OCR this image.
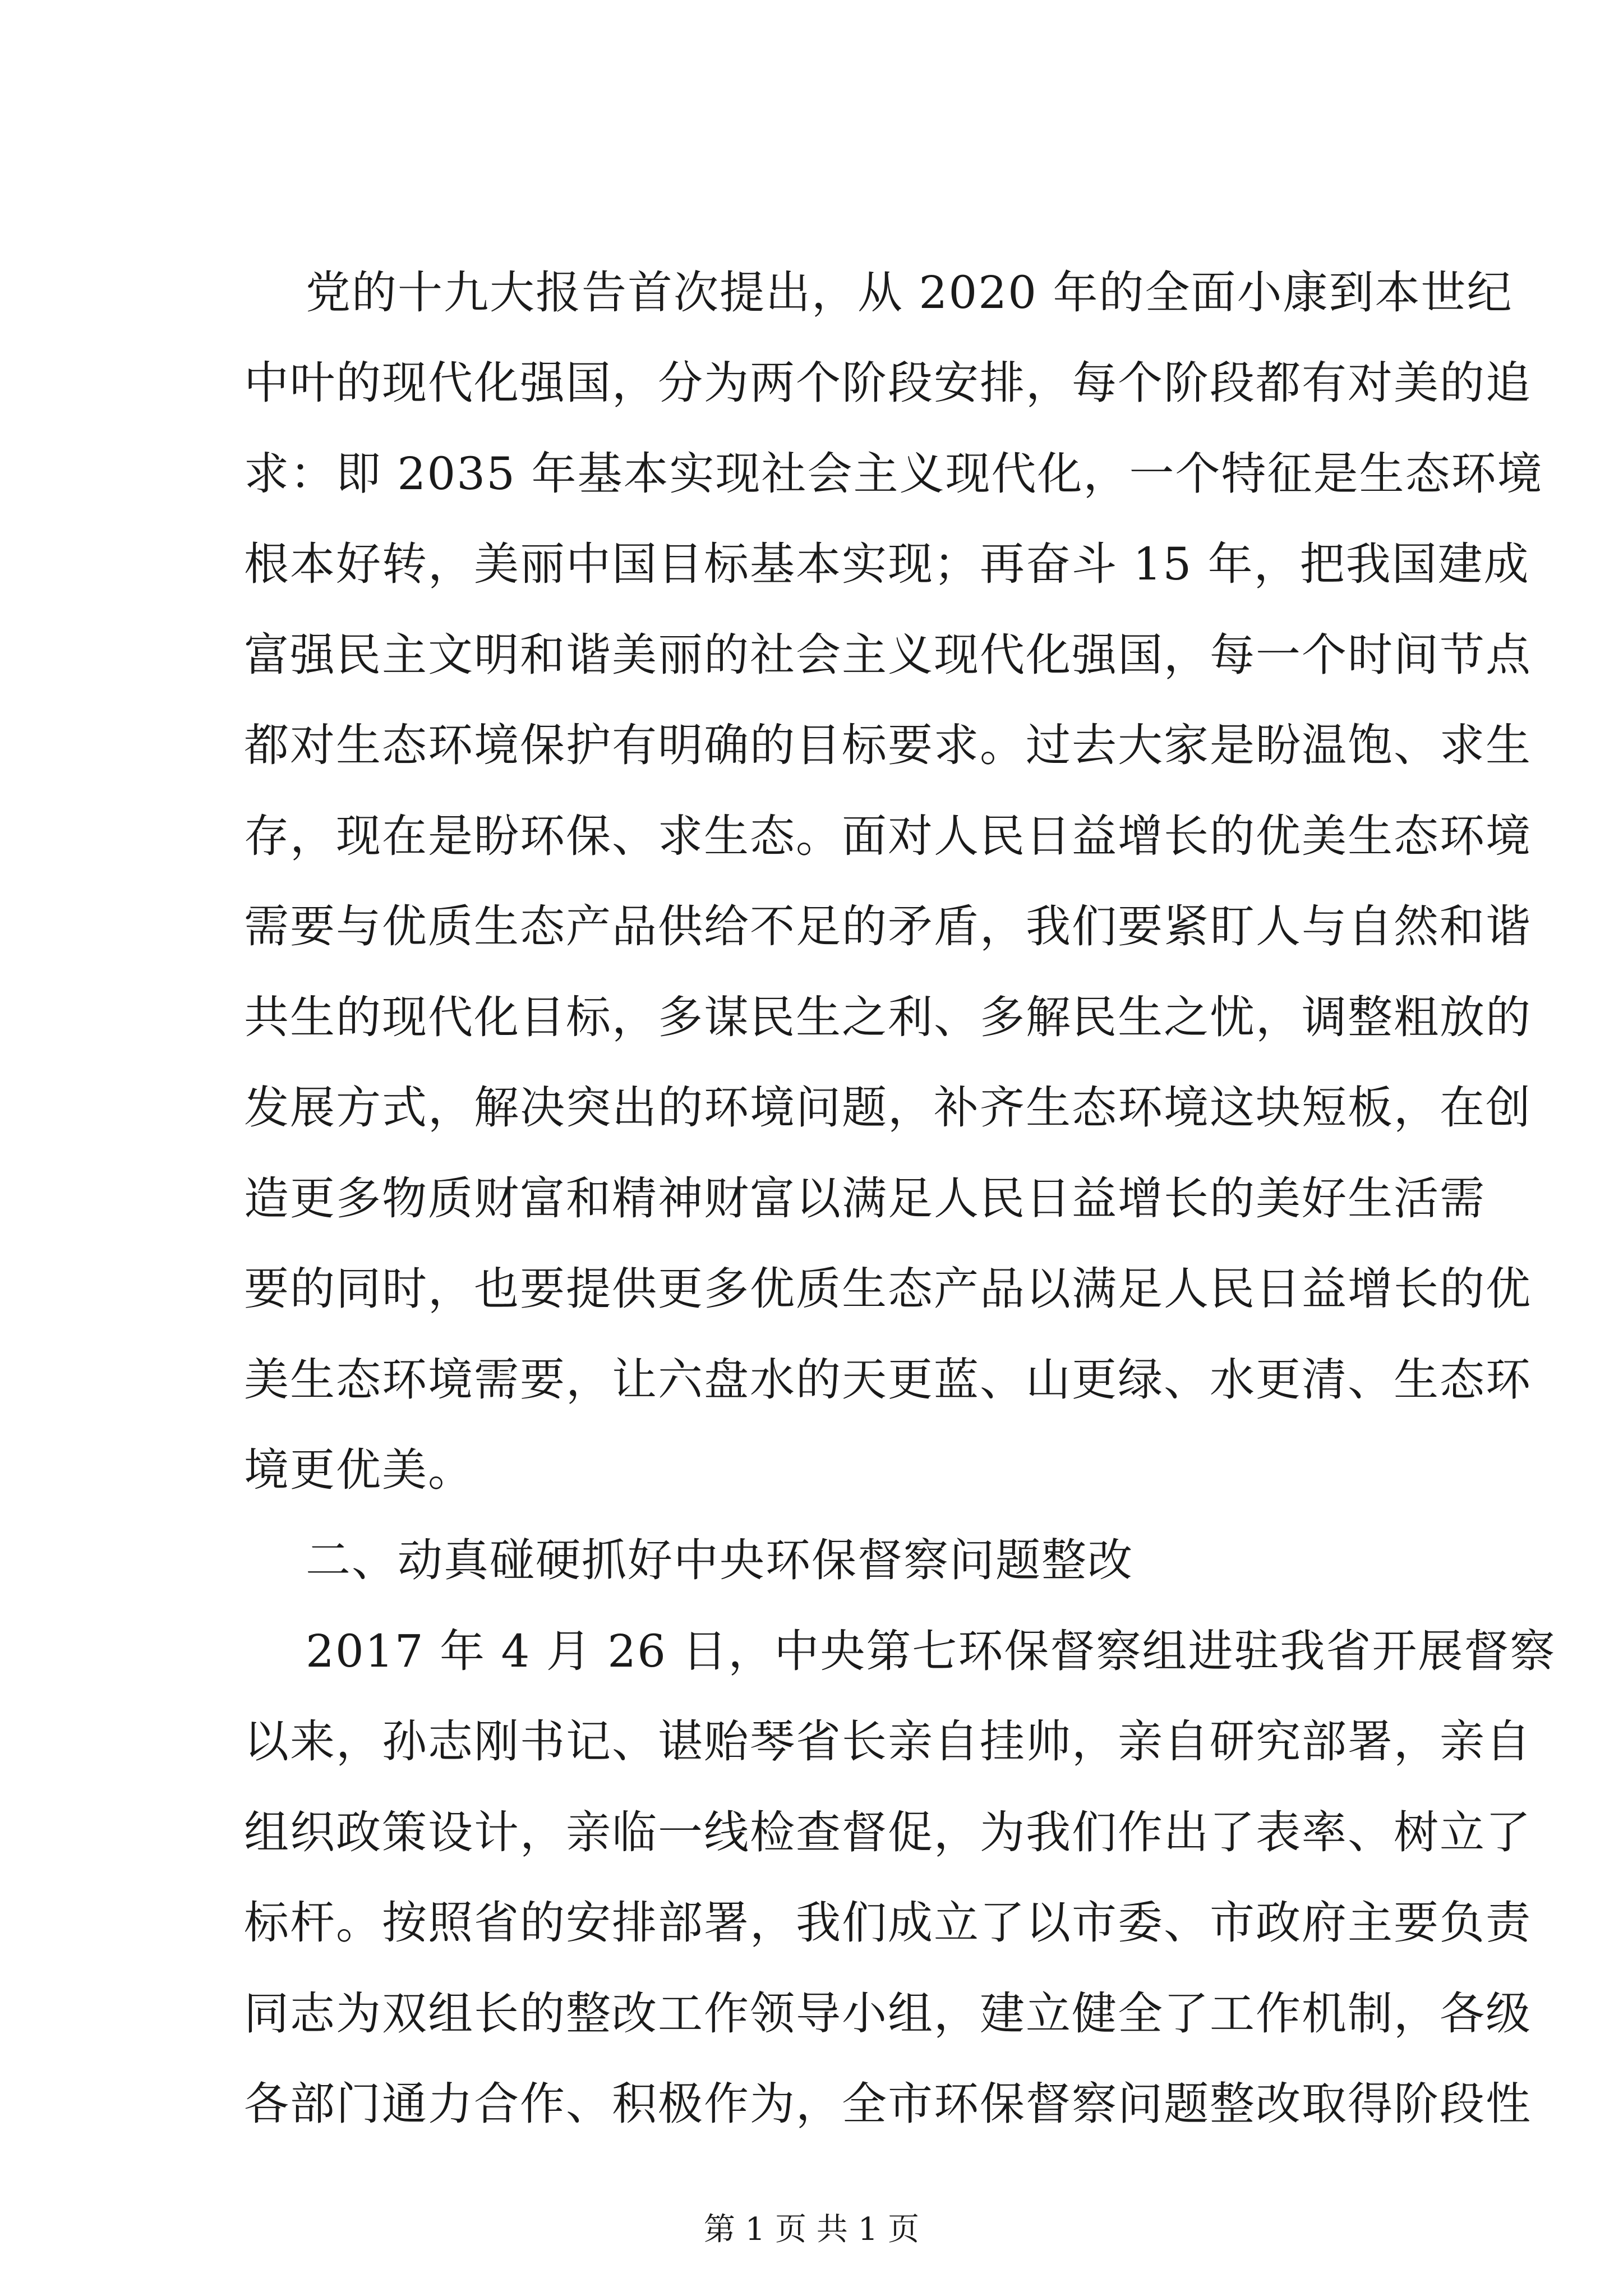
党的十九大报告首次提出，从 2020 年的全面小康到本世纪
中叶的现代化强国，分为两个阶段安排，每个阶段都有对美的追
求：即 2035 年基本实现社会主义现代化，一个特征是生态环境
根本好转，美丽中国目标基本实现；再奋斗 15 年，把我国建成
富强民主文明和谐美丽的社会主义现代化强国，每一个时间节点
都对生态环境保护有明确的目标要求。过去大家是盼温饱、求生
存，现在是盼环保、求生态。面对人民日益增长的优美生态环境
需要与优质生态产品供给不足的矛盾，我们要紧盯人与自然和谐
共生的现代化目标，多谋民生之利、多解民生之忧，调整粗放的
发展方式，解决突出的环境问题，补齐生态环境这块短板，在创
造更多物质财富和精神财富以满足人民日益增长的美好生活需
要的同时，也要提供更多优质生态产品以满足人民日益增长的优
美生态环境需要，让六盘水的天更蓝、山更绿、水更清、生态环
境更优美。
二、动真碰硬抓好中央环保督察问题整改
2017 年 4 月 26 日，中央第七环保督察组进驻我省开展督察
以来，孙志刚书记、谌贻琴省长亲自挂帅，亲自研究部署，亲自
组织政策设计，亲临一线检查督促，为我们作出了表率、树立了
标杆。按照省的安排部署，我们成立了以市委、市政府主要负责
同志为双组长的整改工作领导小组，建立健全了工作机制，各级
各部门通力合作、积极作为，全市环保督察问题整改取得阶段性
第 1 页 共 1 页
